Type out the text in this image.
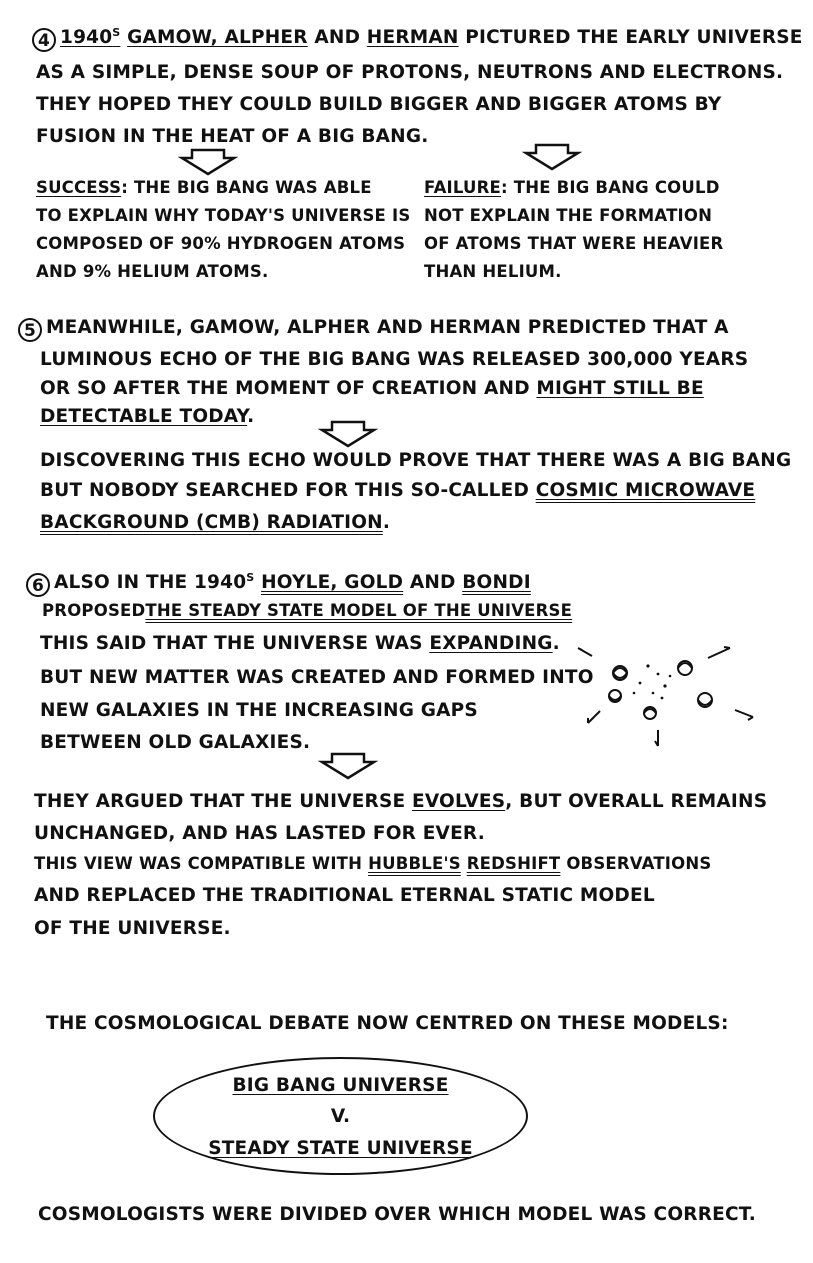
4 $1940^S$ GAMOW, ALPHER AND HERMAN PICTURED THE EARLY UNIVERSE
AS A SIMPLE, DENSE SOUP OF PROTONS, NEUTRONS AND ELECTRONS.
THEY HOPED THEY COULD BUILD BIGGER AND BIGGER ATOMS BY
FUSION IN THE HEAT OF A BIG BANG.
SUCCESS: THE BIG BANG WAS ABLE
TO EXPLAIN WHY TODAY'S UNIVERSE IS
COMPOSED OF 90% HYDROGEN ATOMS
AND 9% HELIUM ATOMS.
FAILURE: THE BIG BANG COULD
NOT EXPLAIN THE FORMATION
OF ATOMS THAT WERE HEAVIER
THAN HELIUM.
5 MEANWHILE, GAMOW, ALPHER AND HERMAN PREDICTED THAT A
LUMINOUS ECHO OF THE BIG BANG WAS RELEASED 300,000 YEARS
OR SO AFTER THE MOMENT OF CREATION AND MIGHT STILL BE
DETECTABLE TODAY.
DISCOVERING THIS ECHO WOULD PROVE THAT THERE WAS A BIG BANG
BUT NOBODY SEARCHED FOR THIS SO-CALLED COSMIC MICROWAVE
BACKGROUND (CMB) RADIATION.
6 ALSO IN THE $1940^S$ HOYLE, GOLD AND BONDI
PROPOSEDTHE STEADY STATE MODEL OF THE UNIVERSE
THIS SAID THAT THE UNIVERSE WAS EXPANDING.
BUT NEW MATTER WAS CREATED AND FORMED INTO
NEW GALAXIES IN THE INCREASING GAPS
BETWEEN OLD GALAXIES.
THEY ARGUED THAT THE UNIVERSE EVOLVES, BUT OVERALL REMAINS
UNCHANGED, AND HAS LASTED FOR EVER.
THIS VIEW WAS COMPATIBLE WITH HUBBLE'S REDSHIFT OBSERVATIONS
AND REPLACED THE TRADITIONAL ETERNAL STATIC MODEL
OF THE UNIVERSE.
THE COSMOLOGICAL DEBATE NOW CENTRED ON THESE MODELS:
BIG BANG UNIVERSE
V.
STEADY STATE UNIVERSE
COSMOLOGISTS WERE DIVIDED OVER WHICH MODEL WAS CORRECT.
